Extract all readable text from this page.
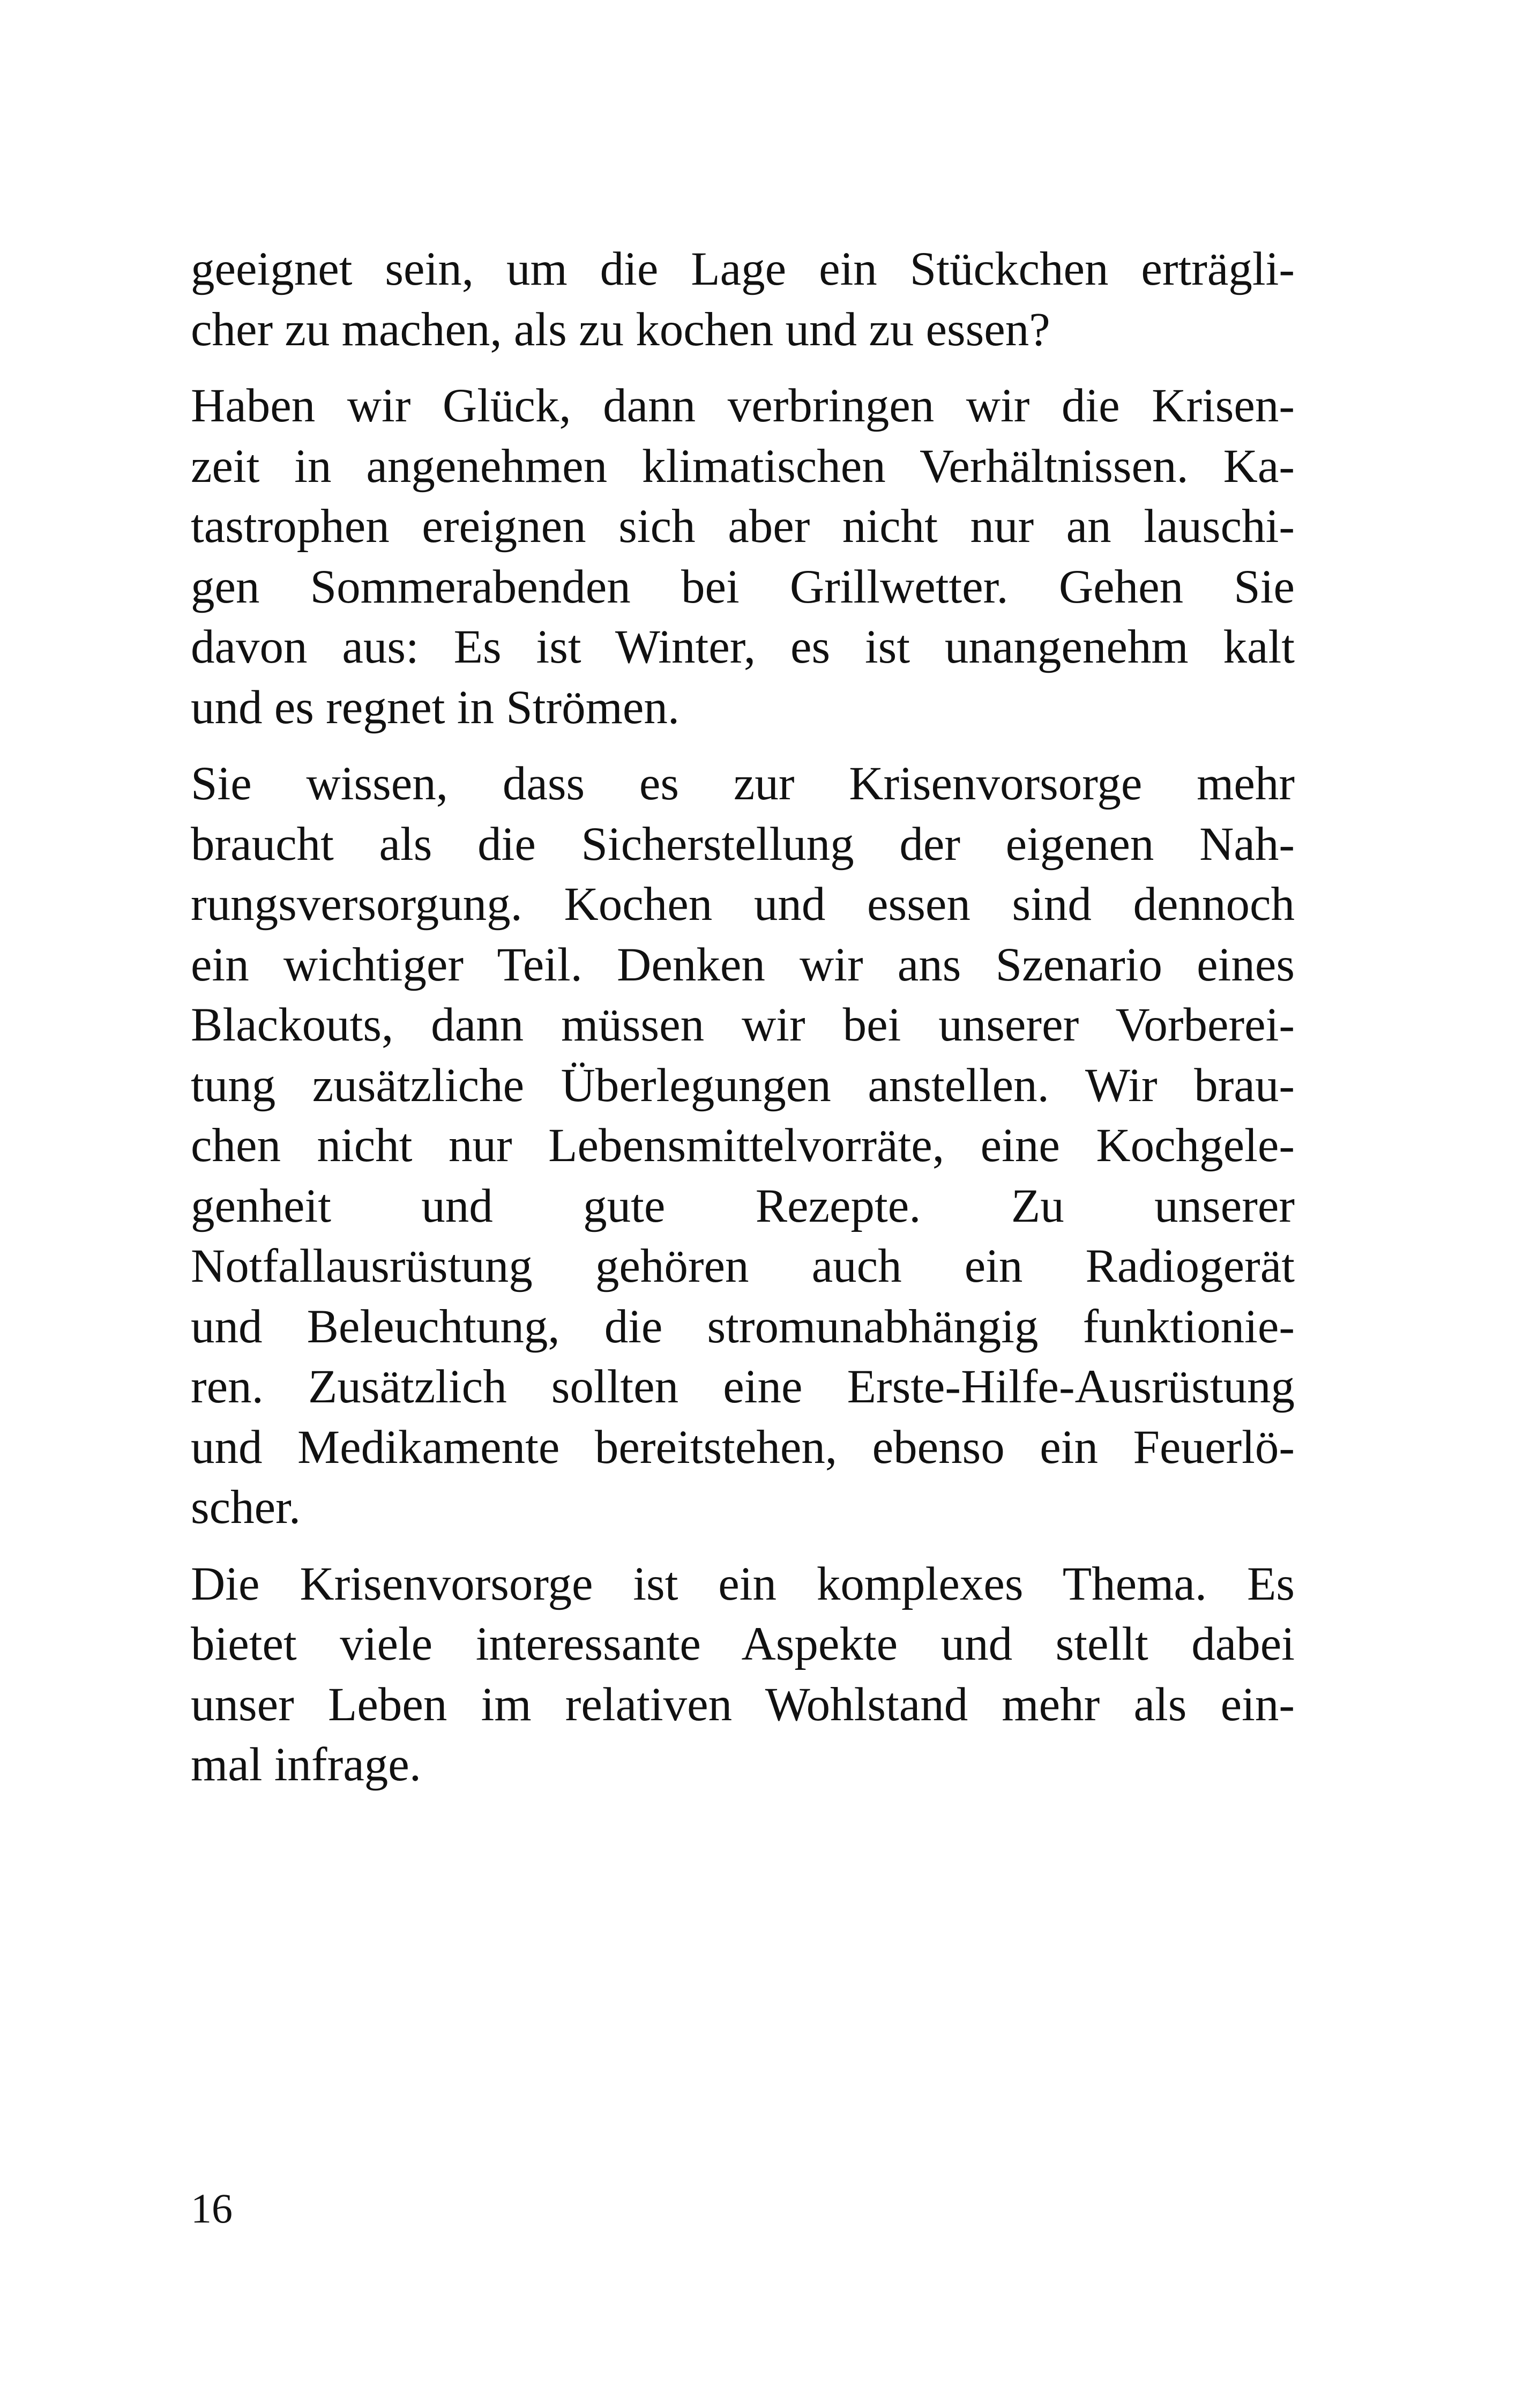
geeignet sein, um die Lage ein Stückchen erträgli-
cher zu machen, als zu kochen und zu essen?
Haben wir Glück, dann verbringen wir die Krisen-
zeit in angenehmen klimatischen Verhältnissen. Ka-
tastrophen ereignen sich aber nicht nur an lauschi-
gen Sommerabenden bei Grillwetter. Gehen Sie
davon aus: Es ist Winter, es ist unangenehm kalt
und es regnet in Strömen.
Sie wissen, dass es zur Krisenvorsorge mehr
braucht als die Sicherstellung der eigenen Nah-
rungsversorgung. Kochen und essen sind dennoch
ein wichtiger Teil. Denken wir ans Szenario eines
Blackouts, dann müssen wir bei unserer Vorberei-
tung zusätzliche Überlegungen anstellen. Wir brau-
chen nicht nur Lebensmittelvorräte, eine Kochgele-
genheit und gute Rezepte. Zu unserer
Notfallausrüstung gehören auch ein Radiogerät
und Beleuchtung, die stromunabhängig funktionie-
ren. Zusätzlich sollten eine Erste-Hilfe-Ausrüstung
und Medikamente bereitstehen, ebenso ein Feuerlö-
scher.
Die Krisenvorsorge ist ein komplexes Thema. Es
bietet viele interessante Aspekte und stellt dabei
unser Leben im relativen Wohlstand mehr als ein-
mal infrage.
16
